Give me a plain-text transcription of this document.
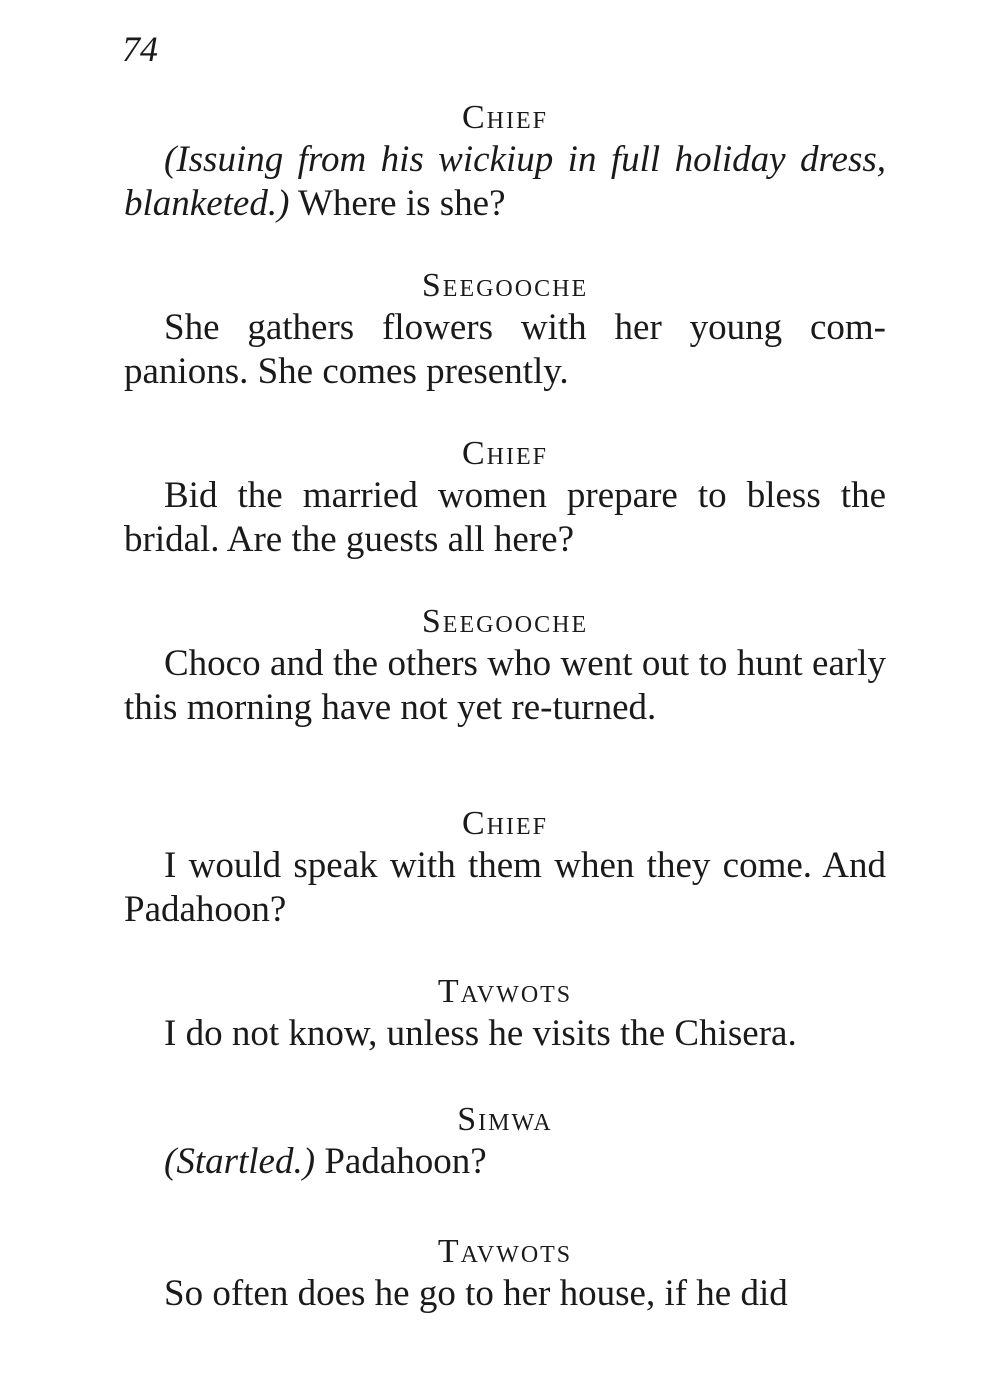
74
Chief
(Issuing from his wickiup in full holiday dress, blanketed.) Where is she?
Seegooche
She gathers flowers with her young com-panions. She comes presently.
Chief
Bid the married women prepare to bless the bridal. Are the guests all here?
Seegooche
Choco and the others who went out to hunt early this morning have not yet re-turned.
Chief
I would speak with them when they come. And Padahoon?
Tavwots
I do not know, unless he visits the Chisera.
Simwa
(Startled.) Padahoon?
Tavwots
So often does he go to her house, if he did
